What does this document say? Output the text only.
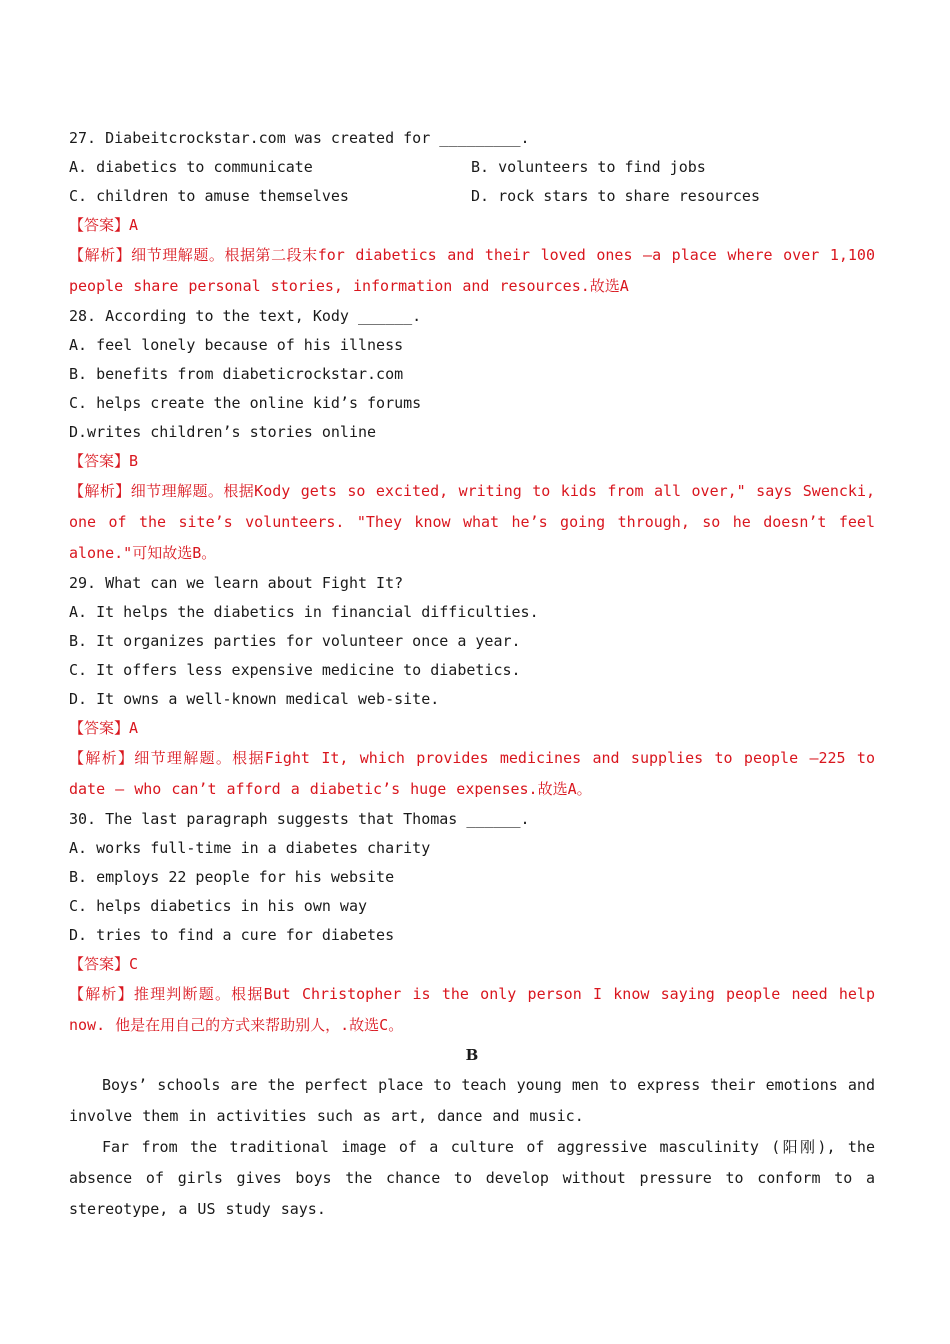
27. Diabeitcrockstar.com was created for _________.
A. diabetics to communicate	B. volunteers to find jobs
C. children to amuse themselves	D. rock stars to share resources
【答案】A
【解析】细节理解题。根据第二段末for diabetics and their loved ones —a place where over 1,100 people share personal stories, information and resources.故选A
28. According to the text, Kody ______.
A. feel lonely because of his illness
B. benefits from diabeticrockstar.com
C. helps create the online kid’s forums
D.writes children’s stories online
【答案】B
【解析】细节理解题。根据Kody gets so excited, writing to kids from all over," says Swencki, one of the site’s volunteers. "They know what he’s going through, so he doesn’t feel alone."可知故选B。
29. What can we learn about Fight It?
A. It helps the diabetics in financial difficulties.
B. It organizes parties for volunteer once a year.
C. It offers less expensive medicine to diabetics.
D. It owns a well-known medical web-site.
【答案】A
【解析】细节理解题。根据Fight It, which provides medicines and supplies to people —225 to date — who can’t afford a diabetic’s huge expenses.故选A。
30. The last paragraph suggests that Thomas ______.
A. works full-time in a diabetes charity
B. employs 22 people for his website
C. helps diabetics in his own way
D. tries to find a cure for diabetes
【答案】C
【解析】推理判断题。根据But Christopher is the only person I know saying people need help now. 他是在用自己的方式来帮助别人，.故选C。
B
Boys’ schools are the perfect place to teach young men to express their emotions and involve them in activities such as art, dance and music.
Far from the traditional image of a culture of aggressive masculinity (阳刚), the absence of girls gives boys the chance to develop without pressure to conform to a stereotype, a US study says.
